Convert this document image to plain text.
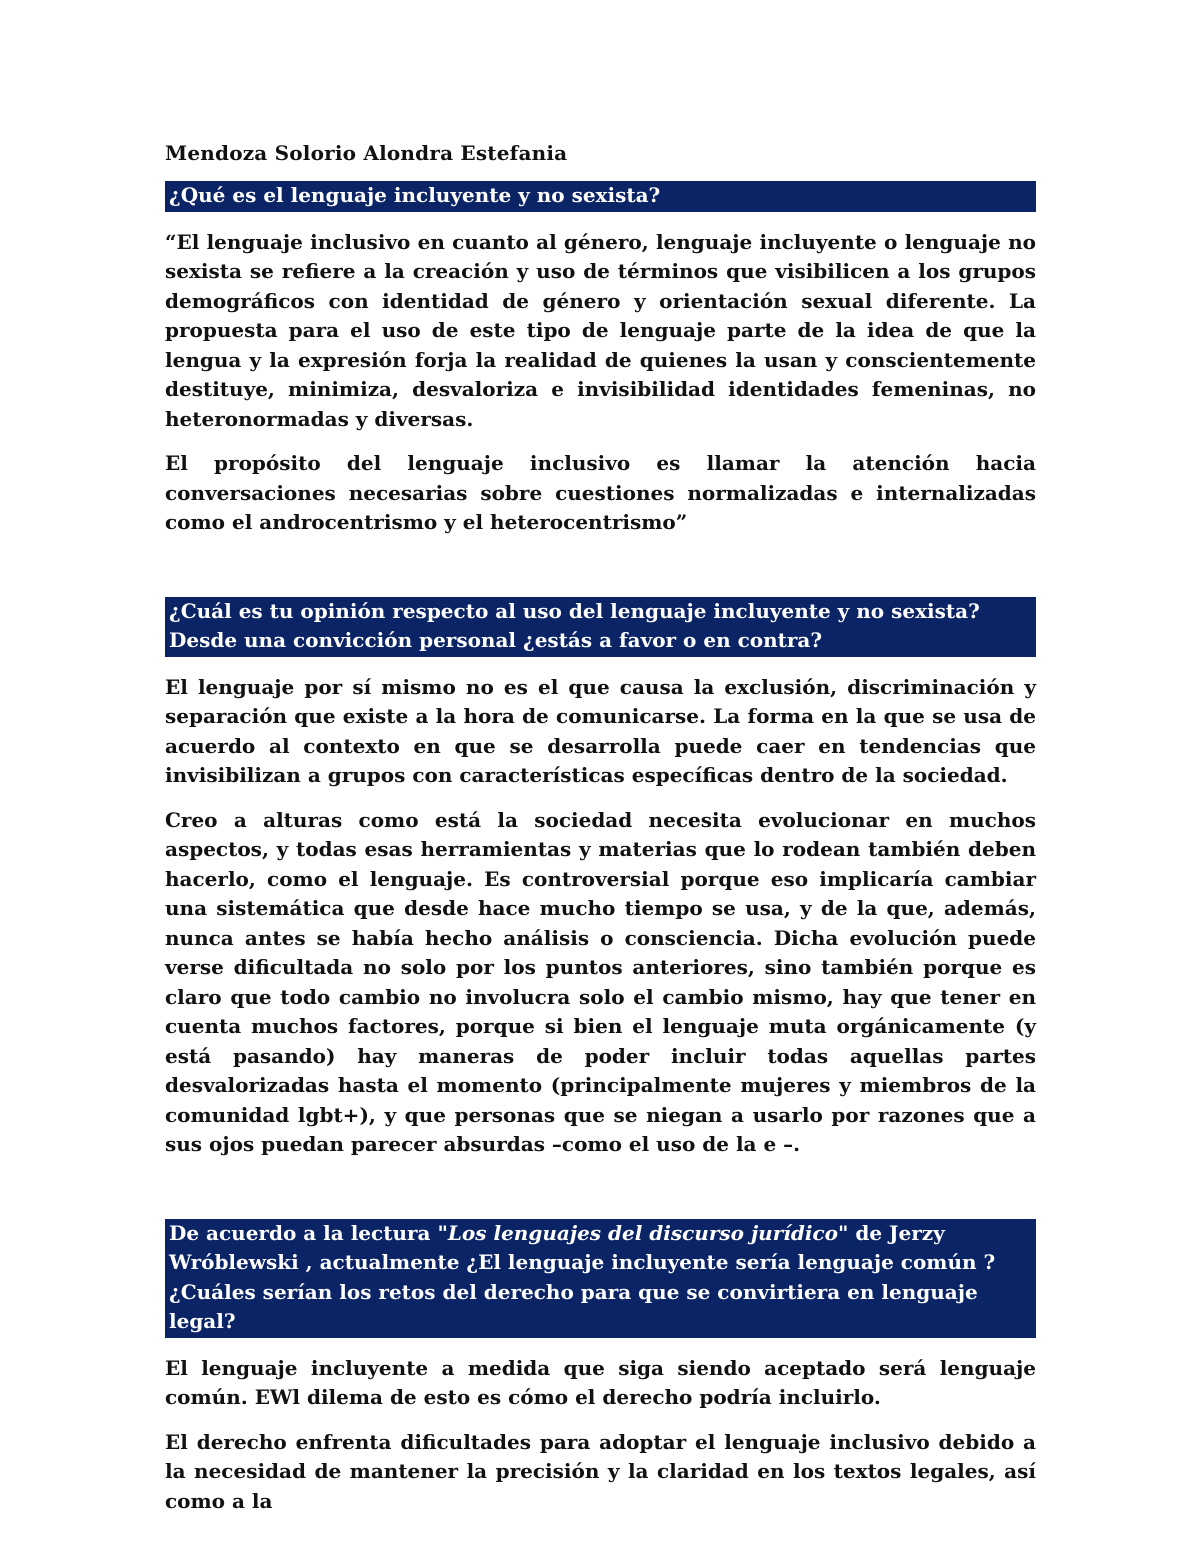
Mendoza Solorio Alondra Estefania
¿Qué es el lenguaje incluyente y no sexista?

“El lenguaje inclusivo en cuanto al género, lenguaje incluyente o lenguaje no sexista se refiere a la creación y uso de términos que visibilicen a los grupos demográficos con identidad de género y orientación sexual diferente. La propuesta para el uso de este tipo de lenguaje parte de la idea de que la lengua y la expresión forja la realidad de quienes la usan y conscientemente destituye, minimiza, desvaloriza e invisibilidad identidades femeninas, no heteronormadas y diversas.

El propósito del lenguaje inclusivo es llamar la atención hacia conversaciones necesarias sobre cuestiones normalizadas e internalizadas como el androcentrismo y el heterocentrismo”

¿Cuál es tu opinión respecto al uso del lenguaje incluyente y no sexista? Desde una convicción personal ¿estás a favor o en contra?

El lenguaje por sí mismo no es el que causa la exclusión, discriminación y separación que existe a la hora de comunicarse. La forma en la que se usa de acuerdo al contexto en que se desarrolla puede caer en tendencias que invisibilizan a grupos con características específicas dentro de la sociedad.

Creo a alturas como está la sociedad necesita evolucionar en muchos aspectos, y todas esas herramientas y materias que lo rodean también deben hacerlo, como el lenguaje. Es controversial porque eso implicaría cambiar una sistemática que desde hace mucho tiempo se usa, y de la que, además, nunca antes se había hecho análisis o consciencia. Dicha evolución puede verse dificultada no solo por los puntos anteriores, sino también porque es claro que todo cambio no involucra solo el cambio mismo, hay que tener en cuenta muchos factores, porque si bien el lenguaje muta orgánicamente (y está pasando) hay maneras de poder incluir todas aquellas partes desvalorizadas hasta el momento (principalmente mujeres y miembros de la comunidad lgbt+), y que personas que se niegan a usarlo por razones que a sus ojos puedan parecer absurdas –como el uso de la e –.

De acuerdo a la lectura "Los lenguajes del discurso jurídico" de Jerzy Wróblewski , actualmente ¿El lenguaje incluyente sería lenguaje común ? ¿Cuáles serían los retos del derecho para que se convirtiera en lenguaje legal?

El lenguaje incluyente a medida que siga siendo aceptado será lenguaje común. EWl dilema de esto es cómo el derecho podría incluirlo.

El derecho enfrenta dificultades para adoptar el lenguaje inclusivo debido a la necesidad de mantener la precisión y la claridad en los textos legales, así como a la
